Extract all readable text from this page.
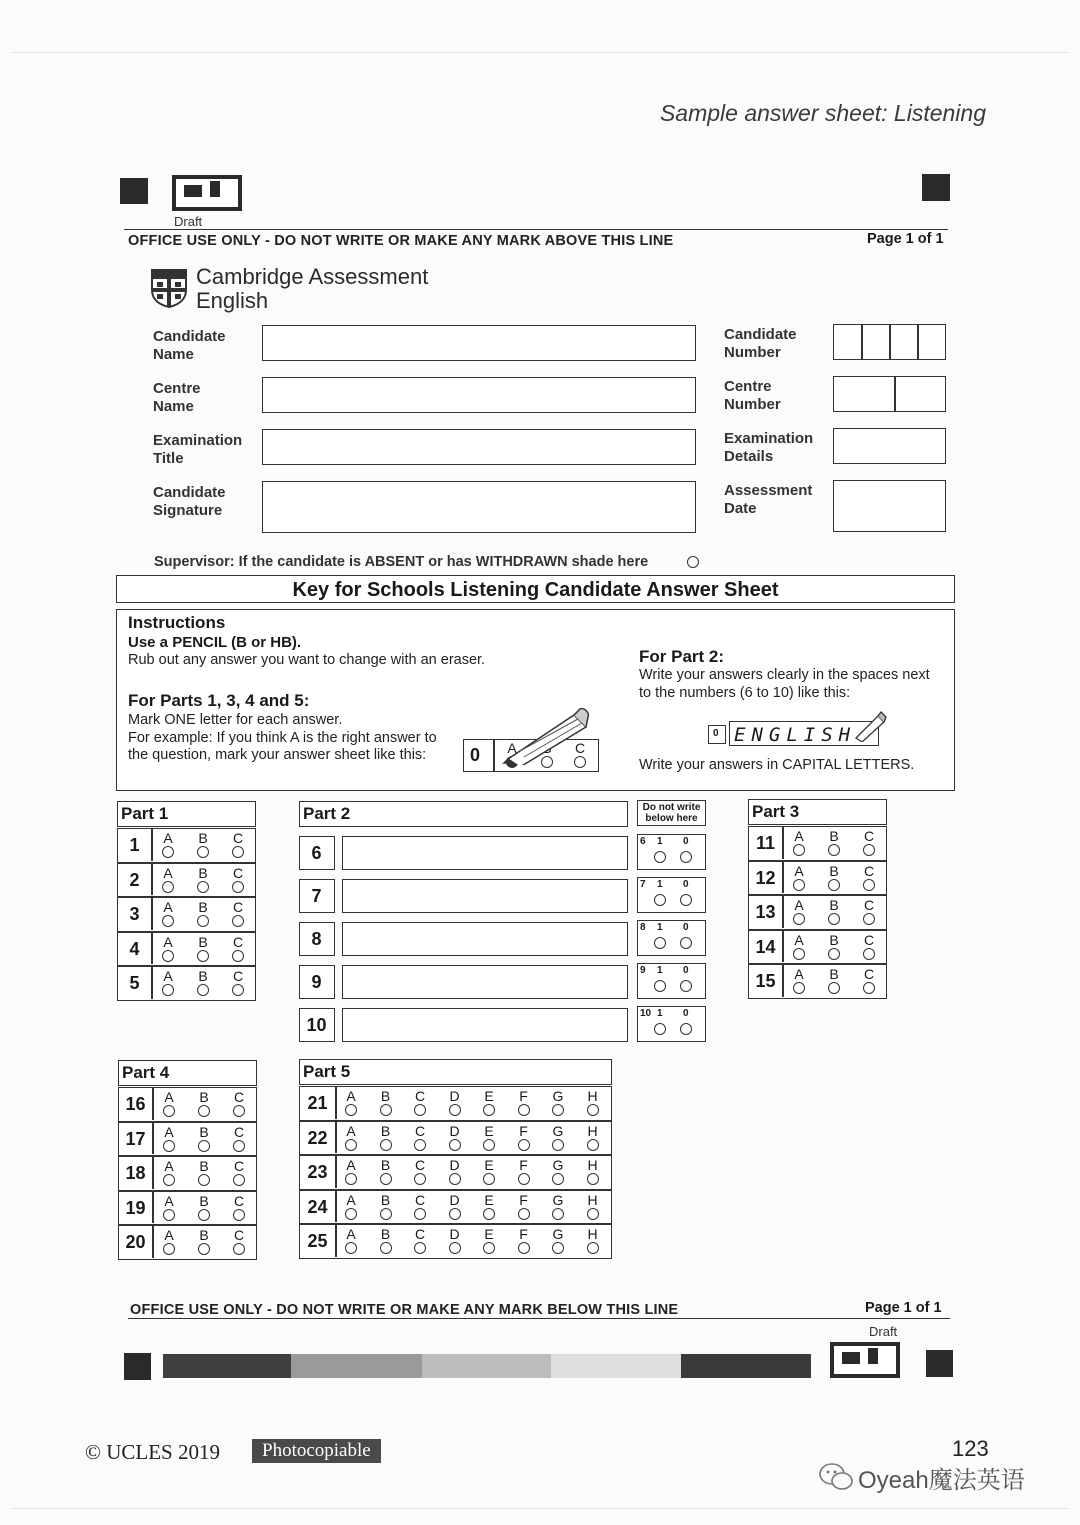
Sample answer sheet: Listening
Draft
OFFICE USE ONLY - DO NOT WRITE OR MAKE ANY MARK ABOVE THIS LINE	Page 1 of 1
Cambridge Assessment
English
Candidate
Name
Centre
Name
Examination
Title
Candidate
Signature
Candidate
Number
Centre
Number
Examination
Details
Assessment
Date
Supervisor: If the candidate is ABSENT or has WITHDRAWN shade here
Key for Schools Listening Candidate Answer Sheet
Instructions
Use a PENCIL (B or HB).
Rub out any answer you want to change with an eraser.
For Parts 1, 3, 4 and 5:
Mark ONE letter for each answer.
For example: If you think A is the right answer to
the question, mark your answer sheet like this: 0 A	C
For Part 2:
Write your answers clearly in the spaces next
to the numbers (6 to 10) like this:
0 ENGLISH
Write your answers in CAPITAL LETTERS.
Part 1
1	A B C
2	A B C
3	A B C
4	A B C
5	A B C
Part 2	Do not write
below here
6
6 1 0
7
7 1 0
8
8 1 0
9
9 1 0
10
10 1 0
Part 3
11	A B C
12	A B C
13	A B C
14	A B C
15	A B C
Part 4
16	A B C
17	A B C
18	A B C
19	A B C
20	A B C
Part 5
21	A B C D E F G H
22	A B C D E F G H
23	A B C D E F G H
24	A B C D E F G H
25	A B C D E F G H
OFFICE USE ONLY - DO NOT WRITE OR MAKE ANY MARK BELOW THIS LINE	Page 1 of 1
Draft
© UCLES 2019	Photocopiable	123
Oyeah魔法英语
